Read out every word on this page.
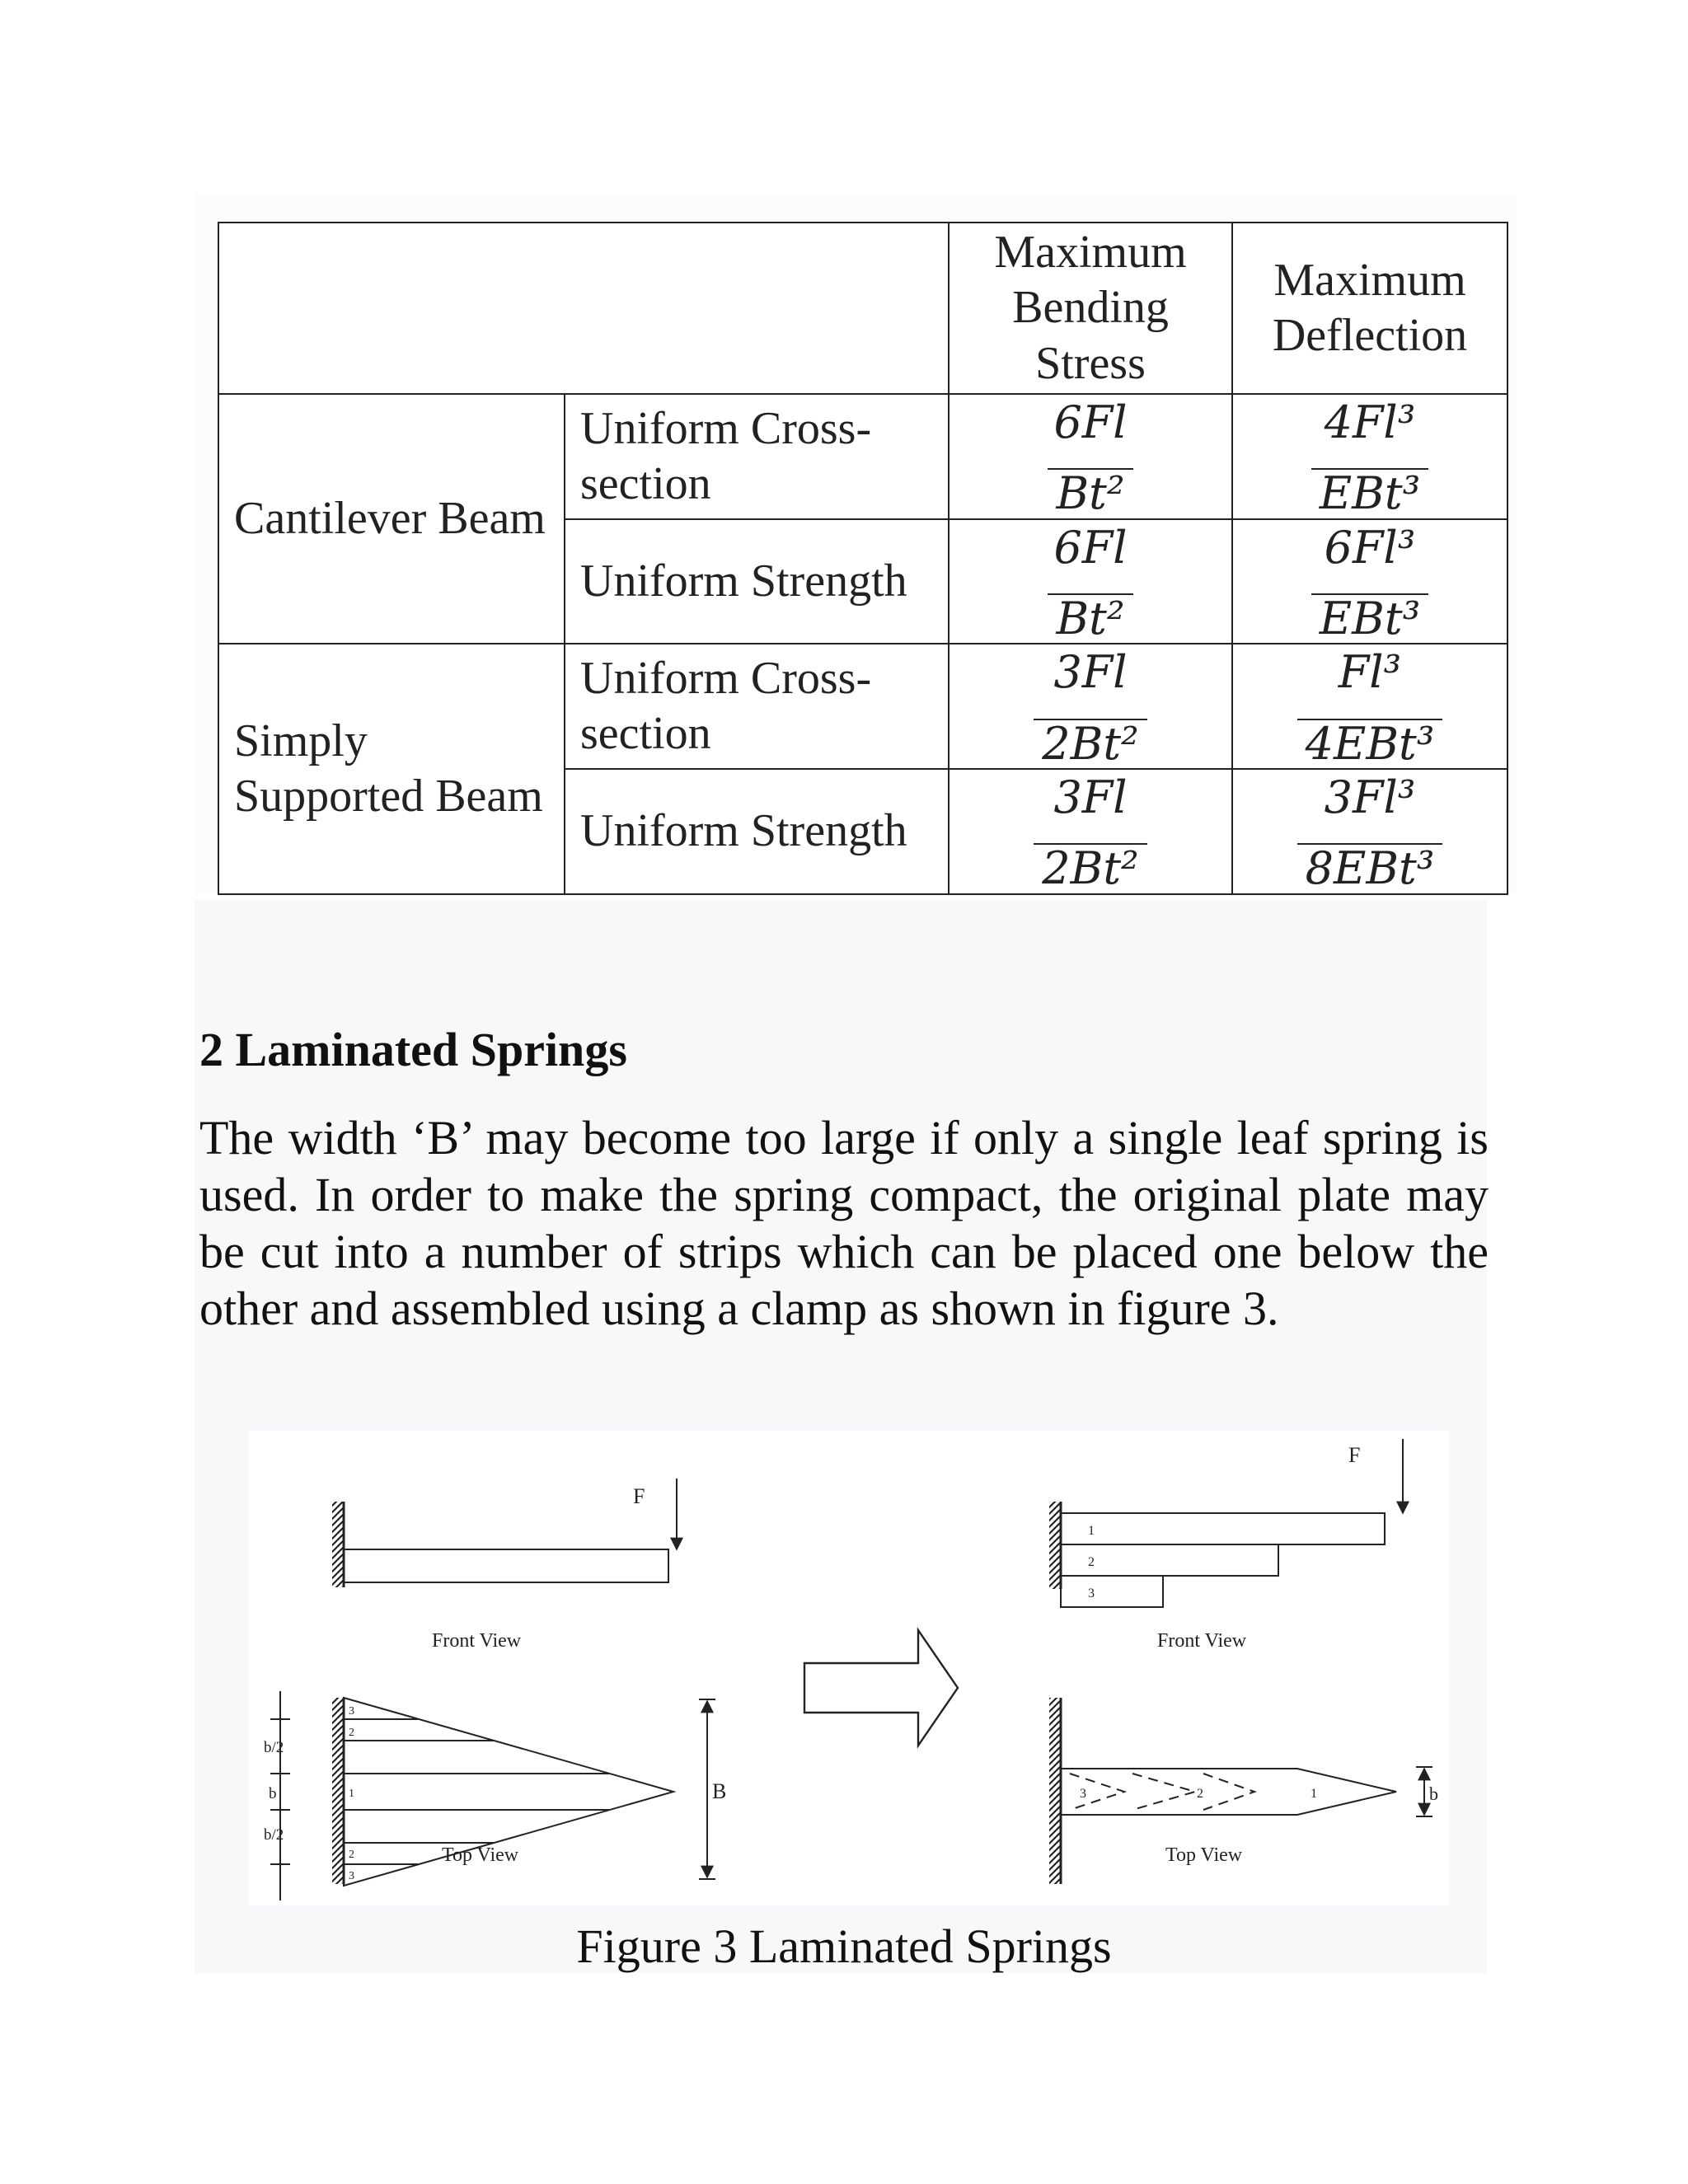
		Maximum Bending Stress	Maximum Deflection
Cantilever Beam	Uniform Cross-section	$\frac{6Fl}{\text{Bt²}}$	$\frac{\text{4Fl³}}{\text{EBt³}}$

	Uniform Strength	$\frac{6Fl}{\text{Bt²}}$	$\frac{\text{6Fl³}}{\text{EBt³}}$

Simply Supported Beam	Uniform Cross-section	$\frac{3Fl}{\text{2Bt²}}$	$\frac{\text{Fl³}}{\text{4EBt³}}$

	Uniform Strength	$\frac{3Fl}{\text{2Bt²}}$	$\frac{\text{3Fl³}}{\text{8EBt³}}$
2 Laminated Springs

The width ‘B’ may become too large if only a single leaf spring is used. In order to make the spring compact, the original plate may be cut into a number of strips which can be placed one below the other and assembled using a clamp as shown in figure 3.

F
Front View
3
2
1
2
3
Top View
B
b/2
b
b/2
1
2
3
F
Front View
3	2	1
Top View
b
Figure 3 Laminated Springs
